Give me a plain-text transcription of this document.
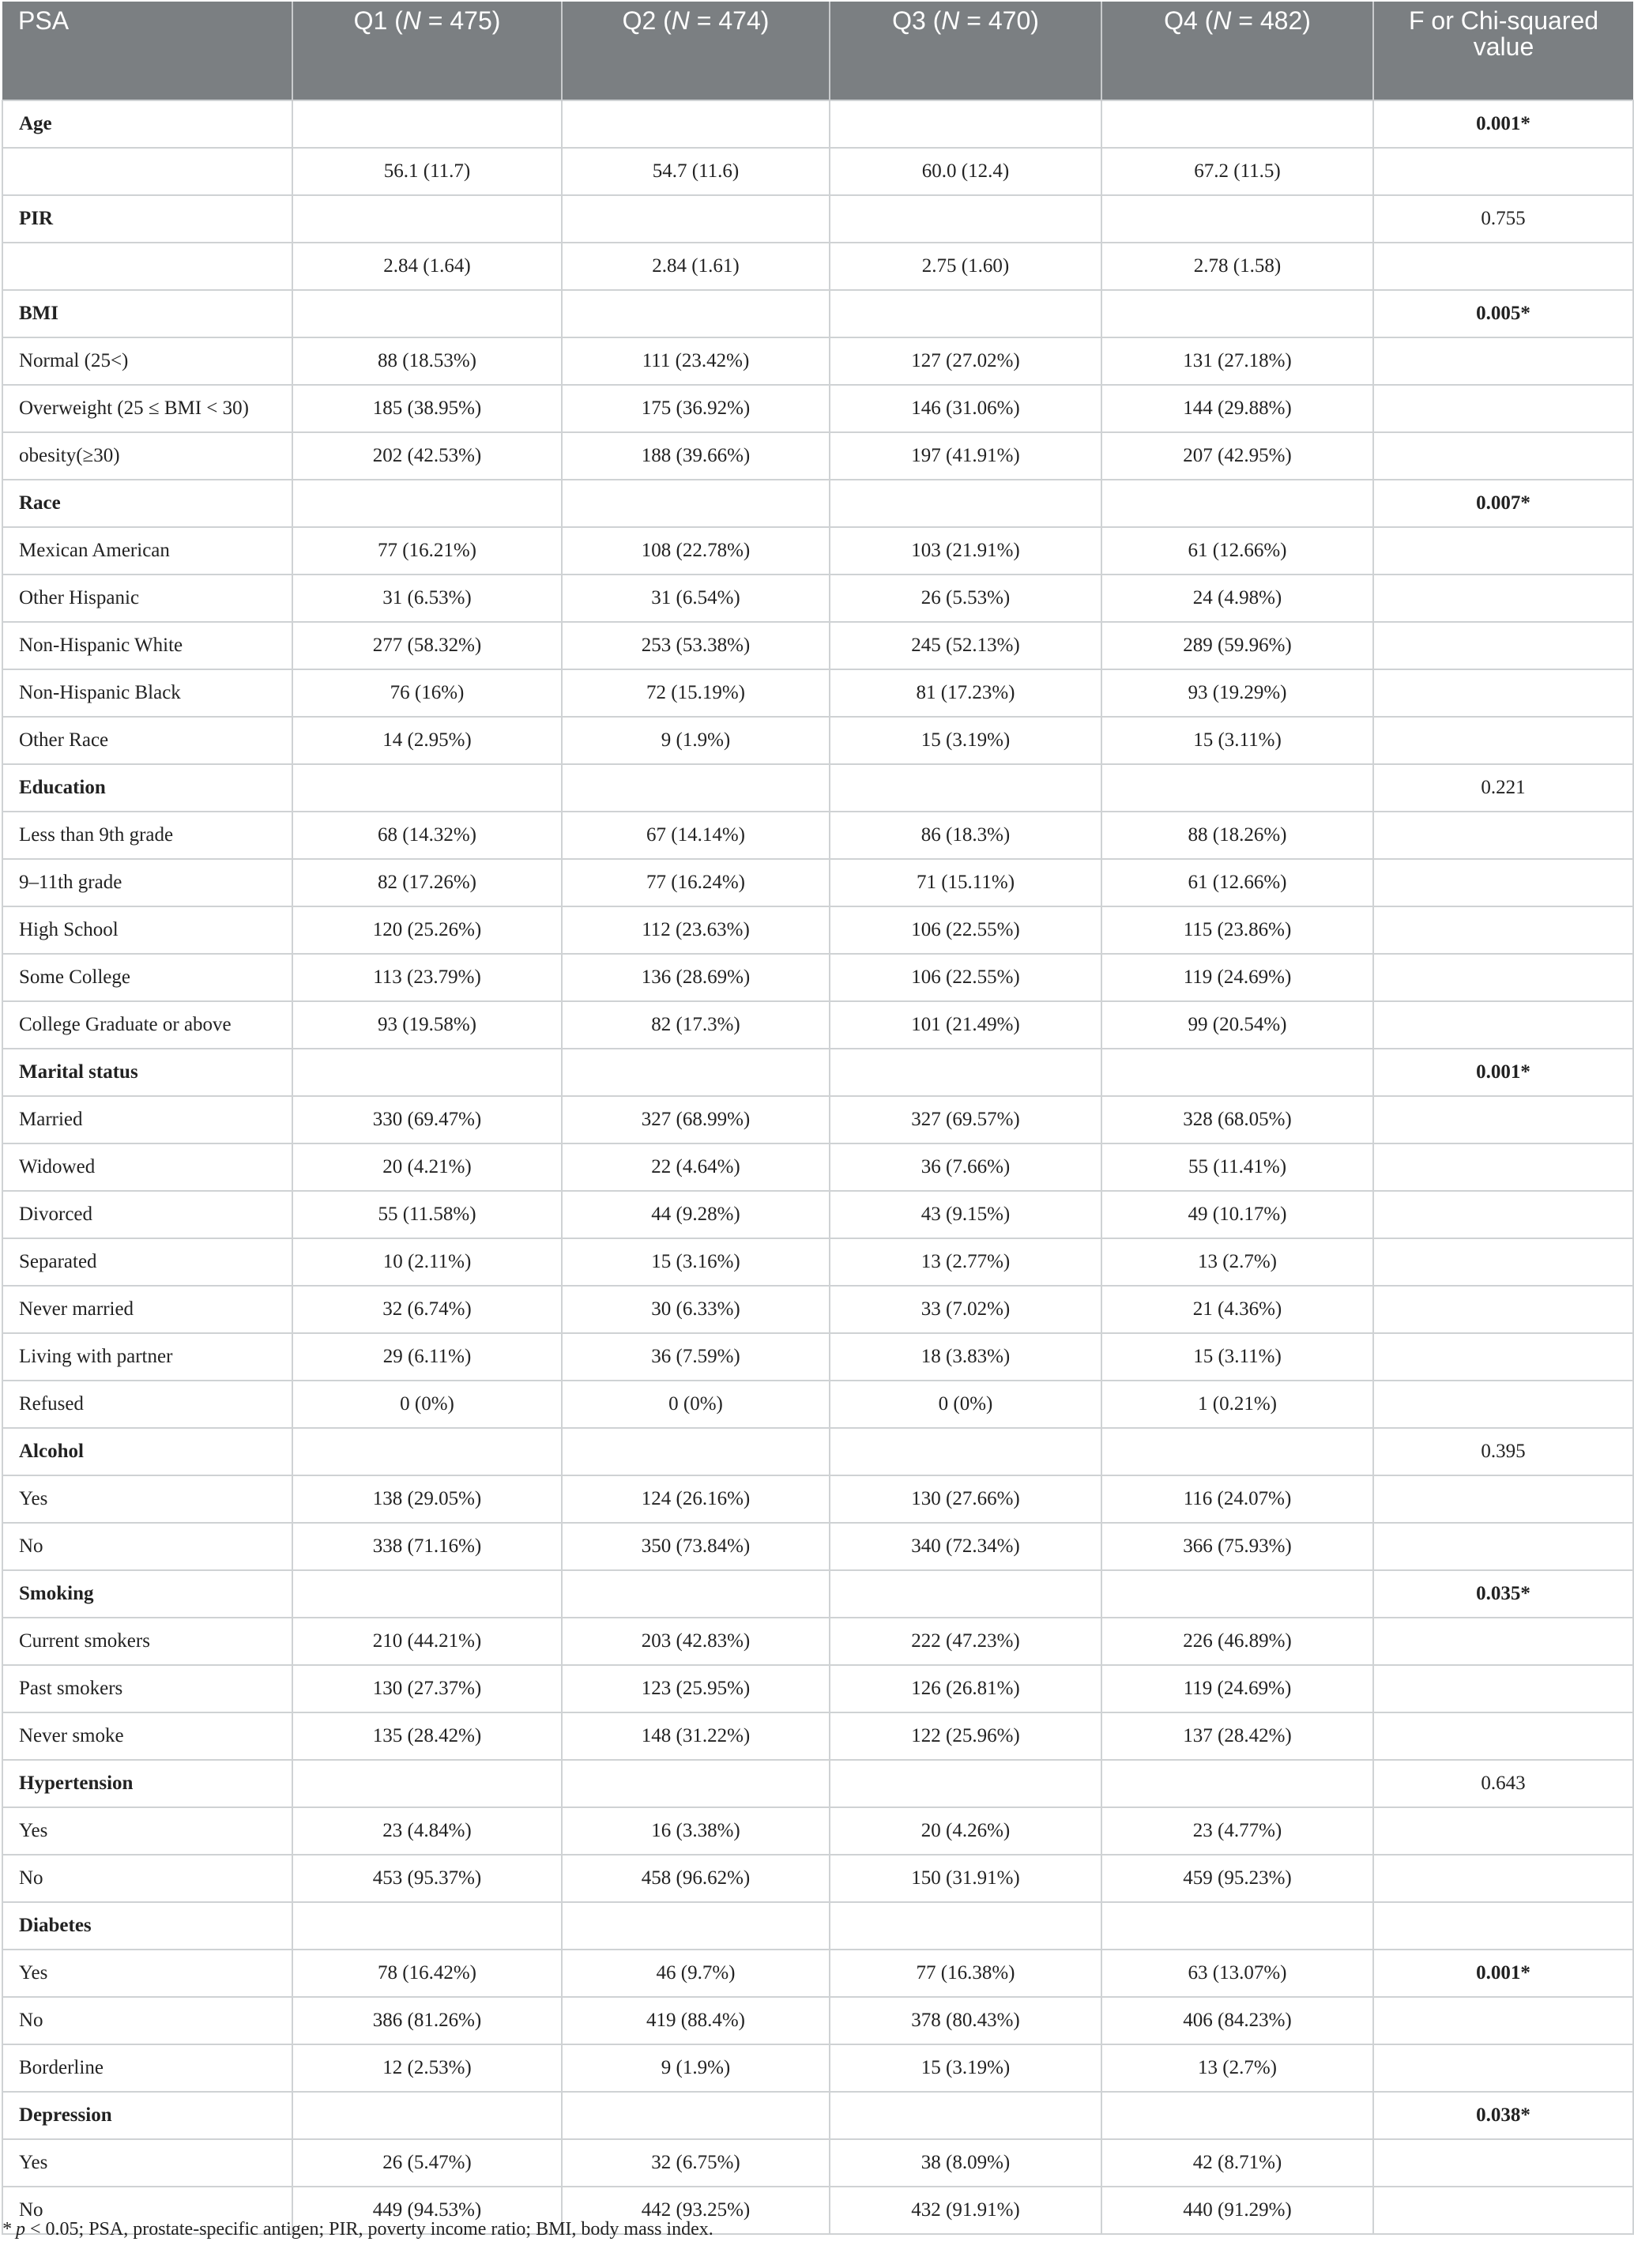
PSA	Q1 (N = 475)	Q2 (N = 474)	Q3 (N = 470)	Q4 (N = 482)	F or Chi-squared value
Age					0.001*
	56.1 (11.7)	54.7 (11.6)	60.0 (12.4)	67.2 (11.5)	
PIR					0.755
	2.84 (1.64)	2.84 (1.61)	2.75 (1.60)	2.78 (1.58)	
BMI					0.005*
Normal (25<)	88 (18.53%)	111 (23.42%)	127 (27.02%)	131 (27.18%)	
Overweight (25 ≤ BMI < 30)	185 (38.95%)	175 (36.92%)	146 (31.06%)	144 (29.88%)	
obesity(≥30)	202 (42.53%)	188 (39.66%)	197 (41.91%)	207 (42.95%)	
Race					0.007*
Mexican American	77 (16.21%)	108 (22.78%)	103 (21.91%)	61 (12.66%)	
Other Hispanic	31 (6.53%)	31 (6.54%)	26 (5.53%)	24 (4.98%)	
Non-Hispanic White	277 (58.32%)	253 (53.38%)	245 (52.13%)	289 (59.96%)	
Non-Hispanic Black	76 (16%)	72 (15.19%)	81 (17.23%)	93 (19.29%)	
Other Race	14 (2.95%)	9 (1.9%)	15 (3.19%)	15 (3.11%)	
Education					0.221
Less than 9th grade	68 (14.32%)	67 (14.14%)	86 (18.3%)	88 (18.26%)	
9–11th grade	82 (17.26%)	77 (16.24%)	71 (15.11%)	61 (12.66%)	
High School	120 (25.26%)	112 (23.63%)	106 (22.55%)	115 (23.86%)	
Some College	113 (23.79%)	136 (28.69%)	106 (22.55%)	119 (24.69%)	
College Graduate or above	93 (19.58%)	82 (17.3%)	101 (21.49%)	99 (20.54%)	
Marital status					0.001*
Married	330 (69.47%)	327 (68.99%)	327 (69.57%)	328 (68.05%)	
Widowed	20 (4.21%)	22 (4.64%)	36 (7.66%)	55 (11.41%)	
Divorced	55 (11.58%)	44 (9.28%)	43 (9.15%)	49 (10.17%)	
Separated	10 (2.11%)	15 (3.16%)	13 (2.77%)	13 (2.7%)	
Never married	32 (6.74%)	30 (6.33%)	33 (7.02%)	21 (4.36%)	
Living with partner	29 (6.11%)	36 (7.59%)	18 (3.83%)	15 (3.11%)	
Refused	0 (0%)	0 (0%)	0 (0%)	1 (0.21%)	
Alcohol					0.395
Yes	138 (29.05%)	124 (26.16%)	130 (27.66%)	116 (24.07%)	
No	338 (71.16%)	350 (73.84%)	340 (72.34%)	366 (75.93%)	
Smoking					0.035*
Current smokers	210 (44.21%)	203 (42.83%)	222 (47.23%)	226 (46.89%)	
Past smokers	130 (27.37%)	123 (25.95%)	126 (26.81%)	119 (24.69%)	
Never smoke	135 (28.42%)	148 (31.22%)	122 (25.96%)	137 (28.42%)	
Hypertension					0.643
Yes	23 (4.84%)	16 (3.38%)	20 (4.26%)	23 (4.77%)	
No	453 (95.37%)	458 (96.62%)	150 (31.91%)	459 (95.23%)	
Diabetes					
Yes	78 (16.42%)	46 (9.7%)	77 (16.38%)	63 (13.07%)	0.001*
No	386 (81.26%)	419 (88.4%)	378 (80.43%)	406 (84.23%)	
Borderline	12 (2.53%)	9 (1.9%)	15 (3.19%)	13 (2.7%)	
Depression					0.038*
Yes	26 (5.47%)	32 (6.75%)	38 (8.09%)	42 (8.71%)	
No	449 (94.53%)	442 (93.25%)	432 (91.91%)	440 (91.29%)	
* p < 0.05; PSA, prostate-specific antigen; PIR, poverty income ratio; BMI, body mass index.
